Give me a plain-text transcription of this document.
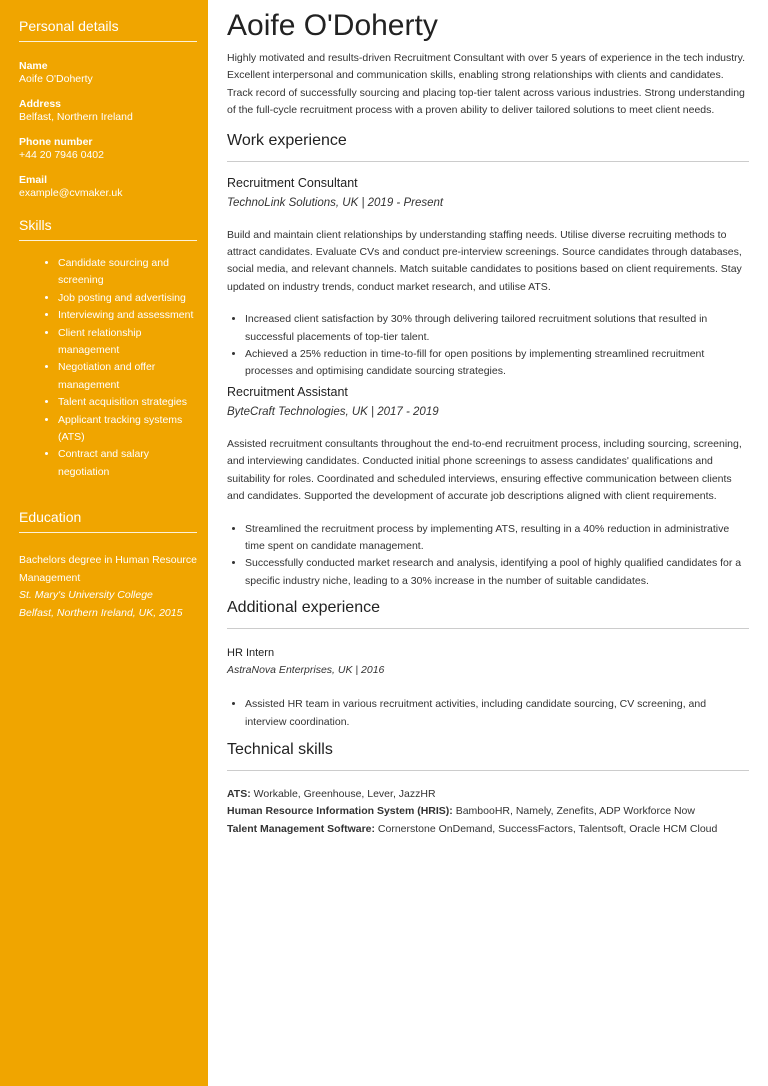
Personal details
Name
Aoife O'Doherty
Address
Belfast, Northern Ireland
Phone number
+44 20 7946 0402
Email
example@cvmaker.uk
Skills
• Candidate sourcing and screening
• Job posting and advertising
• Interviewing and assessment
• Client relationship management
• Negotiation and offer management
• Talent acquisition strategies
• Applicant tracking systems (ATS)
• Contract and salary negotiation
Education
Bachelors degree in Human Resource Management
St. Mary's University College
Belfast, Northern Ireland, UK, 2015
Aoife O'Doherty
Highly motivated and results-driven Recruitment Consultant with over 5 years of experience in the tech industry. Excellent interpersonal and communication skills, enabling strong relationships with clients and candidates. Track record of successfully sourcing and placing top-tier talent across various industries. Strong understanding of the full-cycle recruitment process with a proven ability to deliver tailored solutions to meet client needs.
Work experience
Recruitment Consultant
TechnoLink Solutions, UK | 2019 - Present
Build and maintain client relationships by understanding staffing needs. Utilise diverse recruiting methods to attract candidates. Evaluate CVs and conduct pre-interview screenings. Source candidates through databases, social media, and relevant channels. Match suitable candidates to positions based on client requirements. Stay updated on industry trends, conduct market research, and utilise ATS.
• Increased client satisfaction by 30% through delivering tailored recruitment solutions that resulted in successful placements of top-tier talent.
• Achieved a 25% reduction in time-to-fill for open positions by implementing streamlined recruitment processes and optimising candidate sourcing strategies.
Recruitment Assistant
ByteCraft Technologies, UK | 2017 - 2019
Assisted recruitment consultants throughout the end-to-end recruitment process, including sourcing, screening, and interviewing candidates. Conducted initial phone screenings to assess candidates' qualifications and suitability for roles. Coordinated and scheduled interviews, ensuring effective communication between clients and candidates. Supported the development of accurate job descriptions aligned with client requirements.
• Streamlined the recruitment process by implementing ATS, resulting in a 40% reduction in administrative time spent on candidate management.
• Successfully conducted market research and analysis, identifying a pool of highly qualified candidates for a specific industry niche, leading to a 30% increase in the number of suitable candidates.
Additional experience
HR Intern
AstraNova Enterprises, UK | 2016
• Assisted HR team in various recruitment activities, including candidate sourcing, CV screening, and interview coordination.
Technical skills
ATS: Workable, Greenhouse, Lever, JazzHR
Human Resource Information System (HRIS): BambooHR, Namely, Zenefits, ADP Workforce Now
Talent Management Software: Cornerstone OnDemand, SuccessFactors, Talentsoft, Oracle HCM Cloud
